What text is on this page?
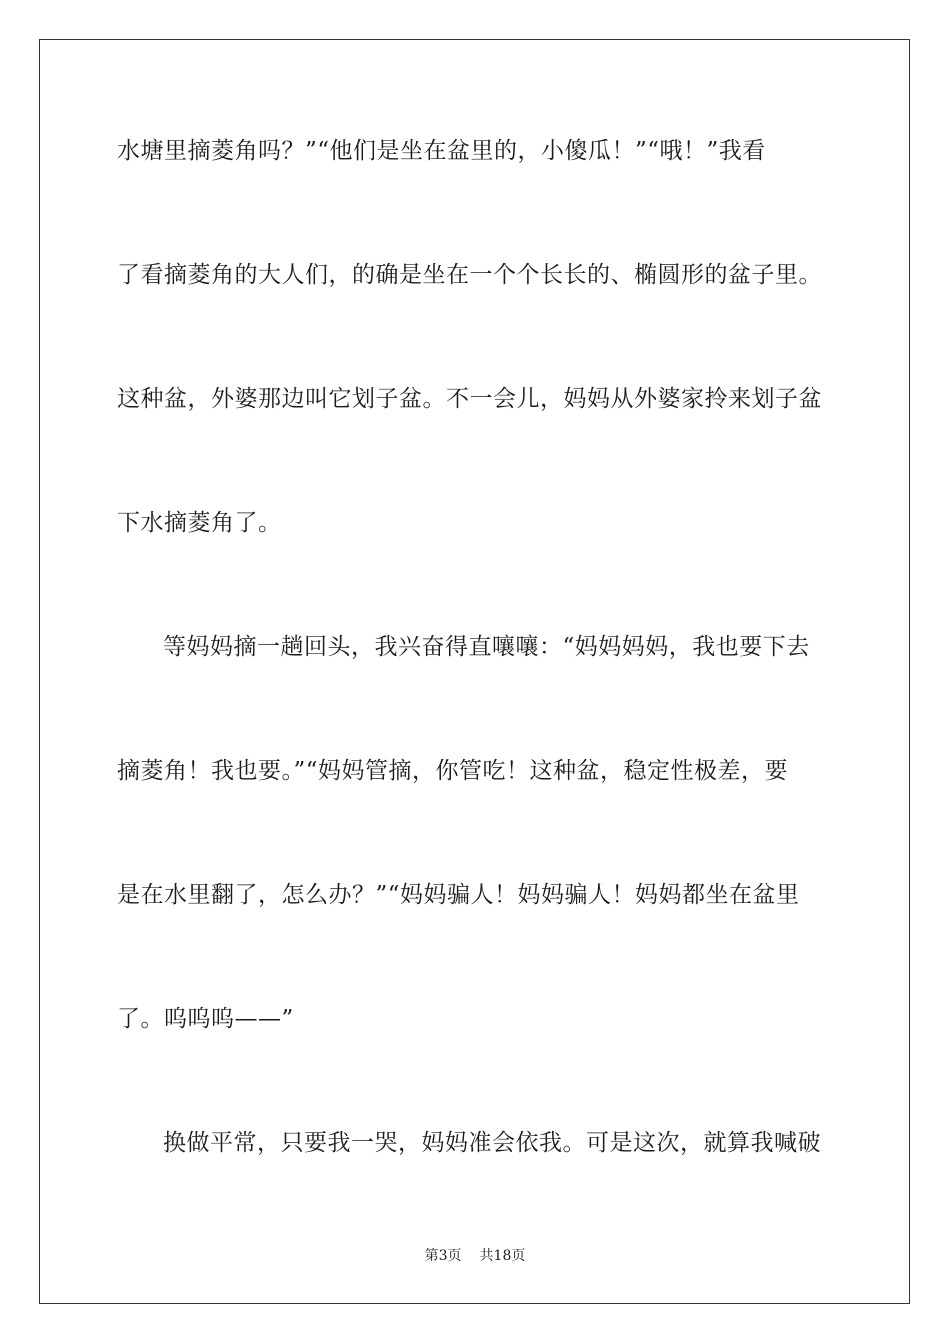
水塘里摘菱角吗？”“他们是坐在盆里的，小傻瓜！”“哦！”我看
了看摘菱角的大人们，的确是坐在一个个长长的、椭圆形的盆子里。
这种盆，外婆那边叫它划子盆。不一会儿，妈妈从外婆家拎来划子盆
下水摘菱角了。
等妈妈摘一趟回头，我兴奋得直嚷嚷：“妈妈妈妈，我也要下去
摘菱角！我也要。”“妈妈管摘，你管吃！这种盆，稳定性极差，要
是在水里翻了，怎么办？”“妈妈骗人！妈妈骗人！妈妈都坐在盆里
了。呜呜呜——”
换做平常，只要我一哭，妈妈准会依我。可是这次，就算我喊破
第3页 共18页
